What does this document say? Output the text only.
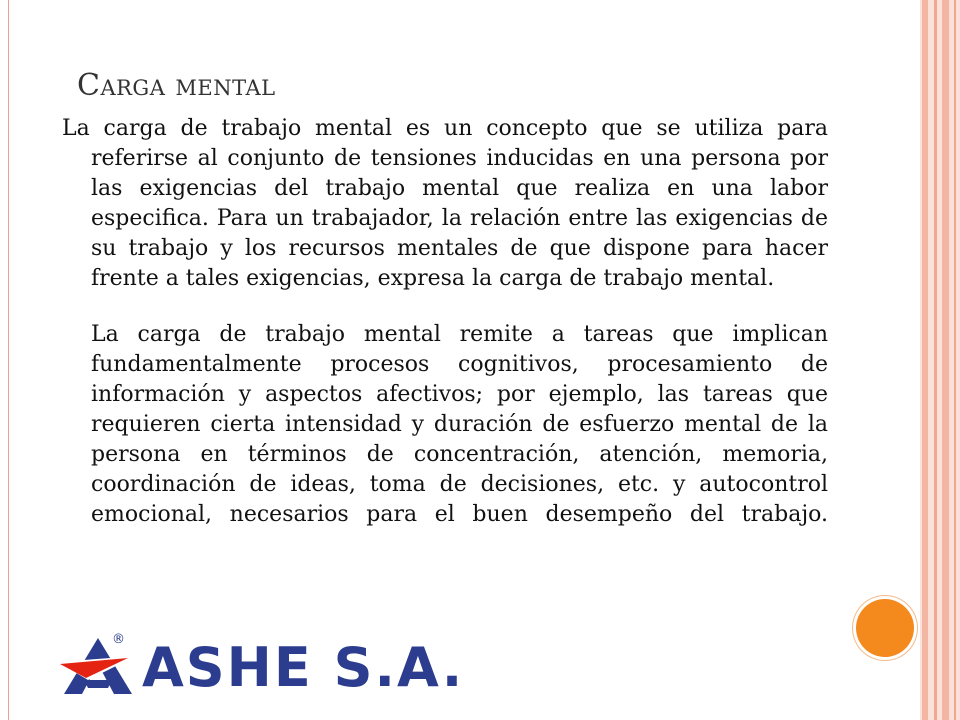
Carga mental

La carga de trabajo mental es un concepto que se utiliza para referirse al conjunto de tensiones inducidas en una persona por las exigencias del trabajo mental que realiza en una labor especifica. Para un trabajador, la relación entre las exigencias de su trabajo y los recursos mentales de que dispone para hacer frente a tales exigencias, expresa la carga de trabajo mental.

La carga de trabajo mental remite a tareas que implican fundamentalmente procesos cognitivos, procesamiento de información y aspectos afectivos; por ejemplo, las tareas que requieren cierta intensidad y duración de esfuerzo mental de la persona en términos de concentración, atención, memoria, coordinación de ideas, toma de decisiones, etc. y autocontrol emocional, necesarios para el buen desempeño del trabajo.

® ASHE S.A.
